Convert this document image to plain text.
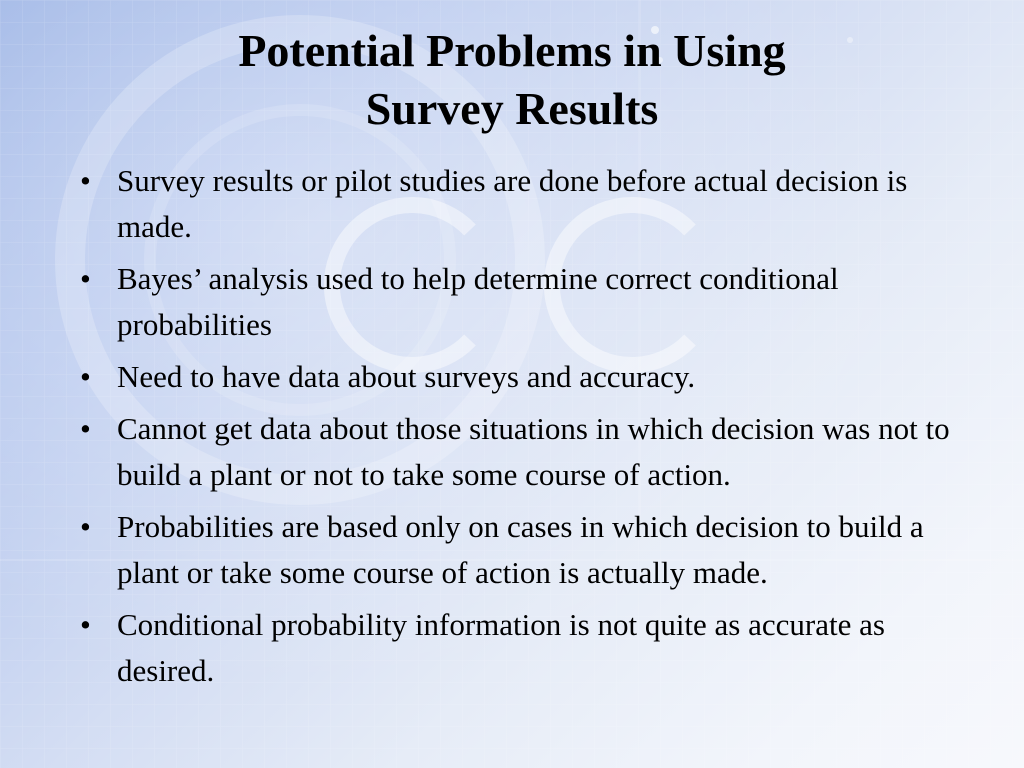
Potential Problems in Using
Survey Results
• Survey results or pilot studies are done before actual decision is made.
• Bayes’ analysis used to help determine correct conditional probabilities
• Need to have data about surveys and accuracy.
• Cannot get data about those situations in which decision was not to build a plant or not to take some course of action.
• Probabilities are based only on cases in which decision to build a plant or take some course of action is actually made.
• Conditional probability information is not quite as accurate as desired.
